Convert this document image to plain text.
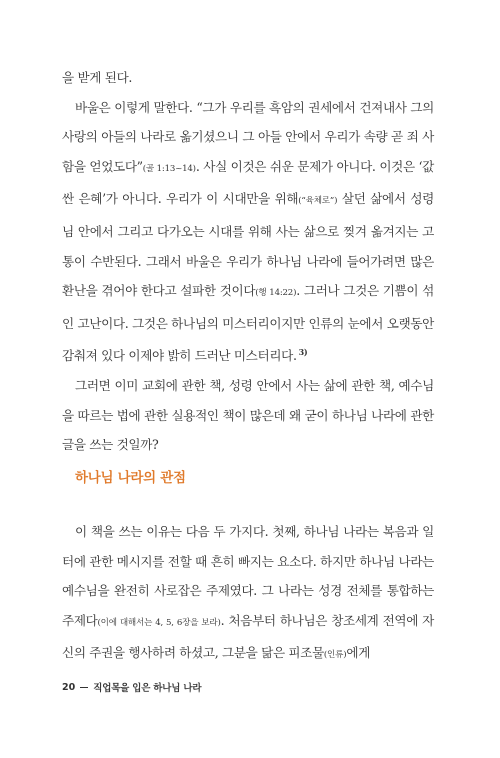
을 받게 된다.

바울은 이렇게 말한다. “그가 우리를 흑암의 권세에서 건져내사 그의 사랑의 아들의 나라로 옮기셨으니 그 아들 안에서 우리가 속량 곧 죄 사함을 얻었도다”(골 1:13~14). 사실 이것은 쉬운 문제가 아니다. 이것은 ‘값싼 은혜’가 아니다. 우리가 이 시대만을 위해(“육체로”) 살던 삶에서 성령님 안에서 그리고 다가오는 시대를 위해 사는 삶으로 찢겨 옮겨지는 고통이 수반된다. 그래서 바울은 우리가 하나님 나라에 들어가려면 많은 환난을 겪어야 한다고 설파한 것이다(행 14:22). 그러나 그것은 기쁨이 섞인 고난이다. 그것은 하나님의 미스터리이지만 인류의 눈에서 오랫동안 감춰져 있다 이제야 밝히 드러난 미스터리다. $^{3)}$

그러면 이미 교회에 관한 책, 성령 안에서 사는 삶에 관한 책, 예수님을 따르는 법에 관한 실용적인 책이 많은데 왜 굳이 하나님 나라에 관한 글을 쓰는 것일까?

하나님 나라의 관점

이 책을 쓰는 이유는 다음 두 가지다. 첫째, 하나님 나라는 복음과 일터에 관한 메시지를 전할 때 흔히 빠지는 요소다. 하지만 하나님 나라는 예수님을 완전히 사로잡은 주제였다. 그 나라는 성경 전체를 통합하는 주제다(이에 대해서는 4, 5, 6장을 보라). 처음부터 하나님은 창조세계 전역에 자신의 주권을 행사하려 하셨고, 그분을 닮은 피조물(인류)에게

20 직업목을 입은 하나님 나라
